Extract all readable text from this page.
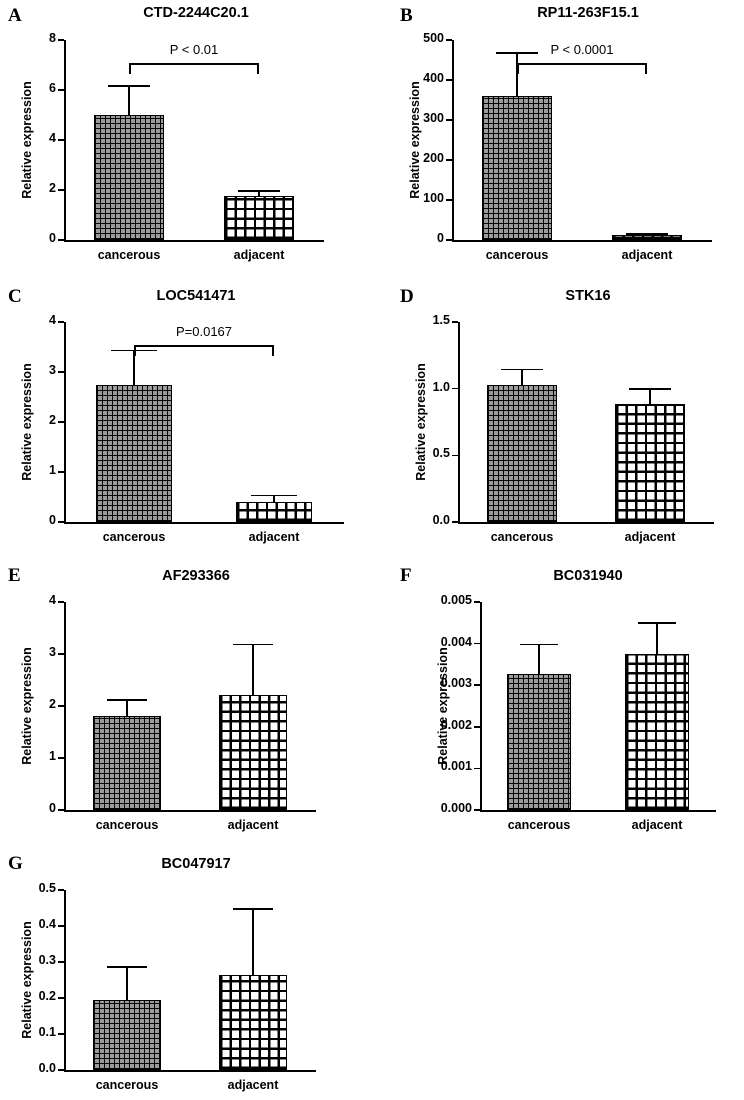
A	CTD-2244C20.1
Relative expression
0
2
4
6
8
cancerous	adjacent
P < 0.01
B	RP11-263F15.1
Relative expression
0
100
200
300
400
500
cancerous	adjacent
P < 0.0001
C	LOC541471
Relative expression
0
1
2
3
4
cancerous	adjacent
P=0.0167
D	STK16
Relative expression
0.0
0.5
1.0
1.5
cancerous	adjacent
E	AF293366
Relative expression
0
1
2
3
4
cancerous	adjacent
F	BC031940
Relative expression
0.000
0.001
0.002
0.003
0.004
0.005
cancerous	adjacent
G	BC047917
Relative expression
0.0
0.1
0.2
0.3
0.4
0.5
cancerous	adjacent
